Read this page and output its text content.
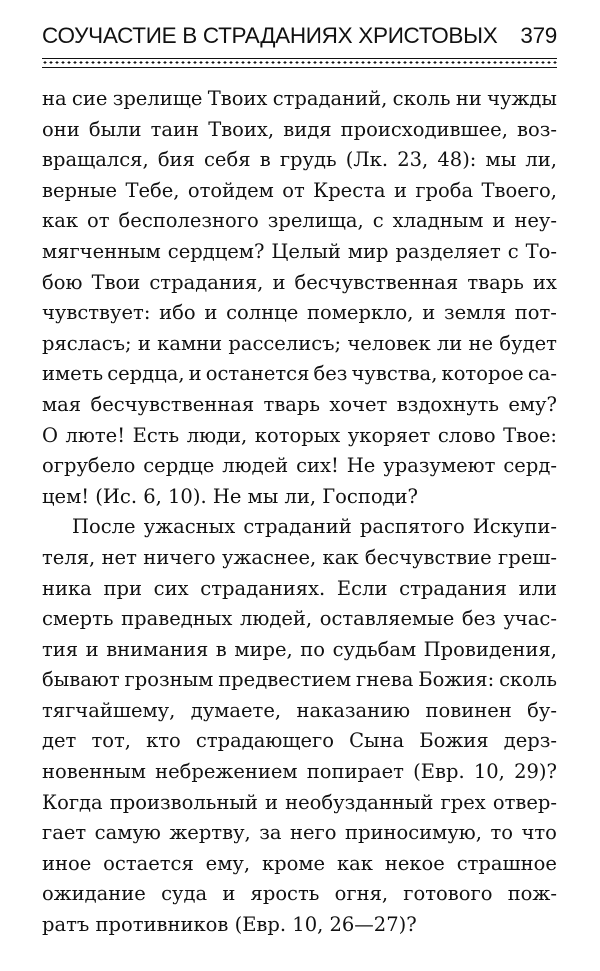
СОУЧАСТИЕ В СТРАДАНИЯХ ХРИСТОВЫХ 379
на сие зрелище Твоих страданий, сколь ни чужды
они были таин Твоих, видя происходившее, воз-
вращался, бия себя в грудь (Лк. 23, 48): мы ли,
верные Тебе, отойдем от Креста и гроба Твоего,
как от бесполезного зрелища, с хладным и неу-
мягченным сердцем? Целый мир разделяет с То-
бою Твои страдания, и бесчувственная тварь их
чувствует: ибо и солнце померкло, и земля пот-
рясласъ; и камни расселисъ; человек ли не будет
иметь сердца, и останется без чувства, которое са-
мая бесчувственная тварь хочет вздохнуть ему?
О люте! Есть люди, которых укоряет слово Твое:
огрубело сердце людей сих! Не уразумеют серд-
цем! (Ис. 6, 10). Не мы ли, Господи?
После ужасных страданий распятого Искупи-
теля, нет ничего ужаснее, как бесчувствие греш-
ника при сих страданиях. Если страдания или
смерть праведных людей, оставляемые без учас-
тия и внимания в мире, по судьбам Провидения,
бывают грозным предвестием гнева Божия: сколь
тягчайшему, думаете, наказанию повинен бу-
дет тот, кто страдающего Сына Божия дерз-
новенным небрежением попирает (Евр. 10, 29)?
Когда произвольный и необузданный грех отвер-
гает самую жертву, за него приносимую, то что
иное остается ему, кроме как некое страшное
ожидание суда и ярость огня, готового пож-
ратъ противников (Евр. 10, 26—27)?
